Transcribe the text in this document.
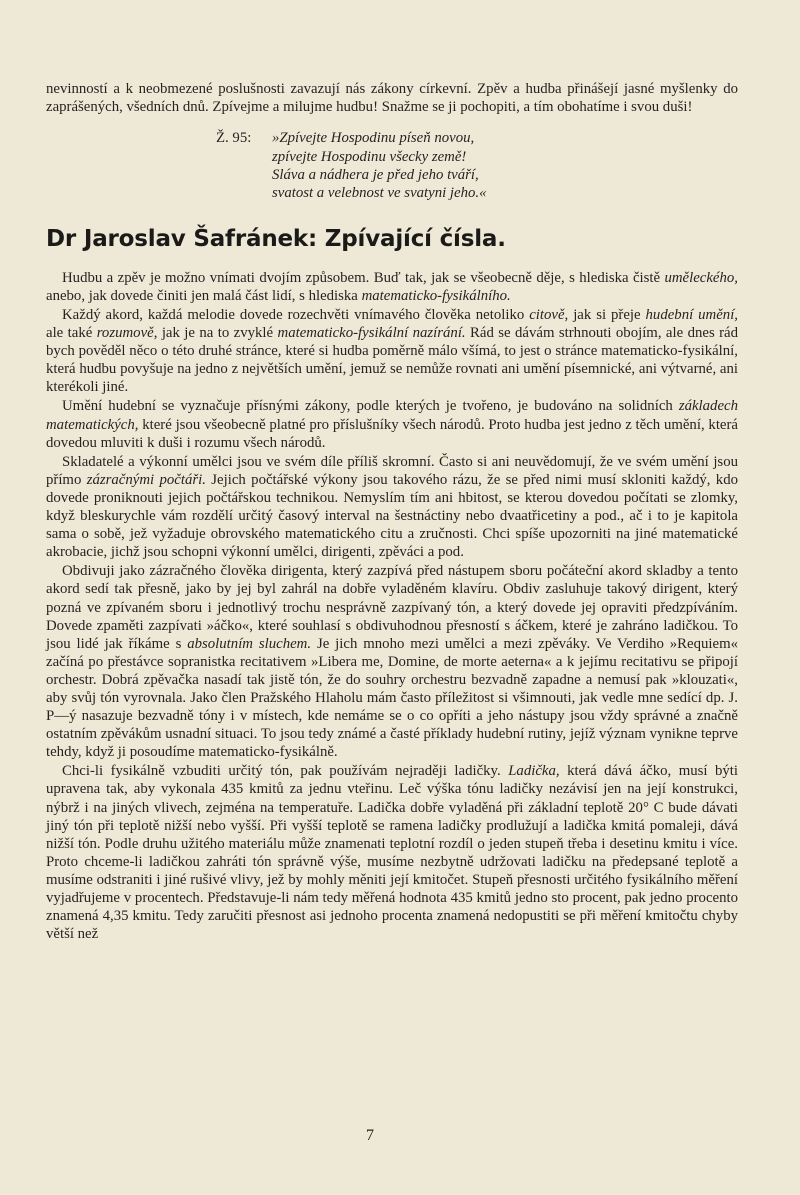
nevinností a k neobmezené poslušnosti zavazují nás zákony církevní. Zpěv a hudba přinášejí jasné myšlenky do zaprášených, všedních dnů. Zpívejme a milujme hudbu! Snažme se ji pochopiti, a tím obohatíme i svou duši!

Ž. 95: »Zpívejte Hospodinu píseň novou,
zpívejte Hospodinu všecky země!
Sláva a nádhera je před jeho tváří,
svatost a velebnost ve svatyni jeho.«
Dr Jaroslav Šafránek: Zpívající čísla.

Hudbu a zpěv je možno vnímati dvojím způsobem. Buď tak, jak se všeobecně děje, s hlediska čistě uměleckého, anebo, jak dovede činiti jen malá část lidí, s hlediska matematicko-fysikálního.

Každý akord, každá melodie dovede rozechvěti vnímavého člověka netoliko citově, jak si přeje hudební umění, ale také rozumově, jak je na to zvyklé matematicko-fysikální nazírání. Rád se dávám strhnouti obojím, ale dnes rád bych pověděl něco o této druhé stránce, které si hudba poměrně málo všímá, to jest o stránce matematicko-fysikální, která hudbu povyšuje na jedno z největších umění, jemuž se nemůže rovnati ani umění písemnické, ani výtvarné, ani kterékoli jiné.

Umění hudební se vyznačuje přísnými zákony, podle kterých je tvořeno, je budováno na solidních základech matematických, které jsou všeobecně platné pro příslušníky všech národů. Proto hudba jest jedno z těch umění, která dovedou mluviti k duši i rozumu všech národů.

Skladatelé a výkonní umělci jsou ve svém díle příliš skromní. Často si ani neuvědomují, že ve svém umění jsou přímo zázračnými počtáři. Jejich počtářské výkony jsou takového rázu, že se před nimi musí skloniti každý, kdo dovede proniknouti jejich počtářskou technikou. Nemyslím tím ani hbitost, se kterou dovedou počítati se zlomky, když bleskurychle vám rozdělí určitý časový interval na šestnáctiny nebo dvaatřicetiny a pod., ač i to je kapitola sama o sobě, jež vyžaduje obrovského matematického citu a zručnosti. Chci spíše upozorniti na jiné matematické akrobacie, jichž jsou schopni výkonní umělci, dirigenti, zpěváci a pod.

Obdivuji jako zázračného člověka dirigenta, který zazpívá před nástupem sboru počáteční akord skladby a tento akord sedí tak přesně, jako by jej byl zahrál na dobře vyladěném klavíru. Obdiv zasluhuje takový dirigent, který pozná ve zpívaném sboru i jednotlivý trochu nesprávně zazpívaný tón, a který dovede jej opraviti předzpíváním. Dovede zpaměti zazpívati »áčko«, které souhlasí s obdivuhodnou přesností s áčkem, které je zahráno ladičkou. To jsou lidé jak říkáme s absolutním sluchem. Je jich mnoho mezi umělci a mezi zpěváky. Ve Verdiho »Requiem« začíná po přestávce sopranistka recitativem »Libera me, Domine, de morte aeterna« a k jejímu recitativu se připojí orchestr. Dobrá zpěvačka nasadí tak jistě tón, že do souhry orchestru bezvadně zapadne a nemusí pak »klouzati«, aby svůj tón vyrovnala. Jako člen Pražského Hlaholu mám často příležitost si všimnouti, jak vedle mne sedící dp. J. P—ý nasazuje bezvadně tóny i v místech, kde nemáme se o co opříti a jeho nástupy jsou vždy správné a značně ostatním zpěvákům usnadní situaci. To jsou tedy známé a časté příklady hudební rutiny, jejíž význam vynikne teprve tehdy, když ji posoudíme matematicko-fysikálně.

Chci-li fysikálně vzbuditi určitý tón, pak používám nejraději ladičky. Ladička, která dává áčko, musí býti upravena tak, aby vykonala 435 kmitů za jednu vteřinu. Leč výška tónu ladičky nezávisí jen na její konstrukci, nýbrž i na jiných vlivech, zejména na temperatuře. Ladička dobře vyladěná při základní teplotě 20° C bude dávati jiný tón při teplotě nižší nebo vyšší. Při vyšší teplotě se ramena ladičky prodlužují a ladička kmitá pomaleji, dává nižší tón. Podle druhu užitého materiálu může znamenati teplotní rozdíl o jeden stupeň třeba i desetinu kmitu i více. Proto chceme-li ladičkou zahráti tón správně výše, musíme nezbytně udržovati ladičku na předepsané teplotě a musíme odstraniti i jiné rušivé vlivy, jež by mohly měniti její kmitočet. Stupeň přesnosti určitého fysikálního měření vyjadřujeme v procentech. Představuje-li nám tedy měřená hodnota 435 kmitů jedno sto procent, pak jedno procento znamená 4,35 kmitu. Tedy zaručiti přesnost asi jednoho procenta znamená nedopustiti se při měření kmitočtu chyby větší než

7
